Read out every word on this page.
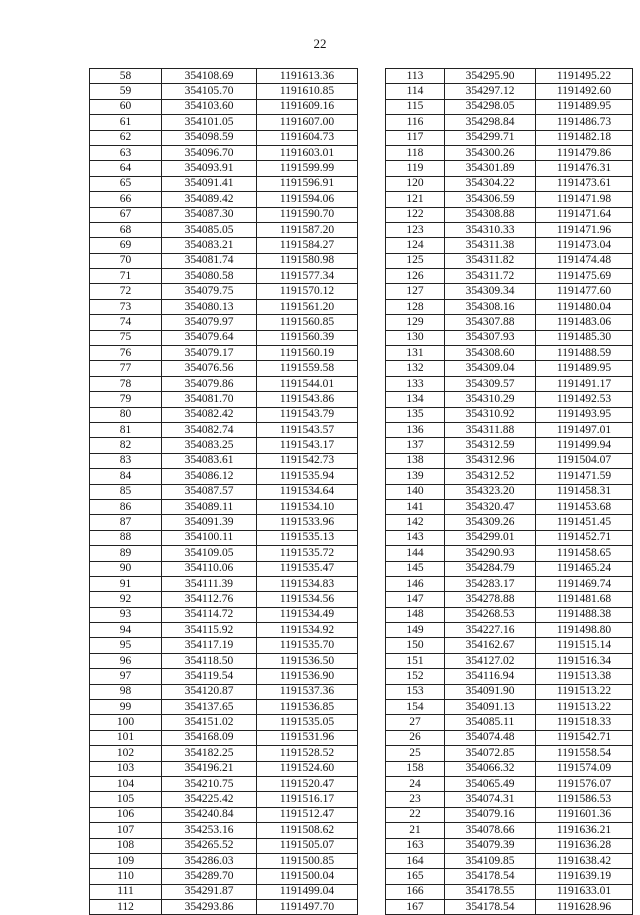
22
58	354108.69	1191613.36
59	354105.70	1191610.85
60	354103.60	1191609.16
61	354101.05	1191607.00
62	354098.59	1191604.73
63	354096.70	1191603.01
64	354093.91	1191599.99
65	354091.41	1191596.91
66	354089.42	1191594.06
67	354087.30	1191590.70
68	354085.05	1191587.20
69	354083.21	1191584.27
70	354081.74	1191580.98
71	354080.58	1191577.34
72	354079.75	1191570.12
73	354080.13	1191561.20
74	354079.97	1191560.85
75	354079.64	1191560.39
76	354079.17	1191560.19
77	354076.56	1191559.58
78	354079.86	1191544.01
79	354081.70	1191543.86
80	354082.42	1191543.79
81	354082.74	1191543.57
82	354083.25	1191543.17
83	354083.61	1191542.73
84	354086.12	1191535.94
85	354087.57	1191534.64
86	354089.11	1191534.10
87	354091.39	1191533.96
88	354100.11	1191535.13
89	354109.05	1191535.72
90	354110.06	1191535.47
91	354111.39	1191534.83
92	354112.76	1191534.56
93	354114.72	1191534.49
94	354115.92	1191534.92
95	354117.19	1191535.70
96	354118.50	1191536.50
97	354119.54	1191536.90
98	354120.87	1191537.36
99	354137.65	1191536.85
100	354151.02	1191535.05
101	354168.09	1191531.96
102	354182.25	1191528.52
103	354196.21	1191524.60
104	354210.75	1191520.47
105	354225.42	1191516.17
106	354240.84	1191512.47
107	354253.16	1191508.62
108	354265.52	1191505.07
109	354286.03	1191500.85
110	354289.70	1191500.04
111	354291.87	1191499.04
112	354293.86	1191497.70
113	354295.90	1191495.22
114	354297.12	1191492.60
115	354298.05	1191489.95
116	354298.84	1191486.73
117	354299.71	1191482.18
118	354300.26	1191479.86
119	354301.89	1191476.31
120	354304.22	1191473.61
121	354306.59	1191471.98
122	354308.88	1191471.64
123	354310.33	1191471.96
124	354311.38	1191473.04
125	354311.82	1191474.48
126	354311.72	1191475.69
127	354309.34	1191477.60
128	354308.16	1191480.04
129	354307.88	1191483.06
130	354307.93	1191485.30
131	354308.60	1191488.59
132	354309.04	1191489.95
133	354309.57	1191491.17
134	354310.29	1191492.53
135	354310.92	1191493.95
136	354311.88	1191497.01
137	354312.59	1191499.94
138	354312.96	1191504.07
139	354312.52	1191471.59
140	354323.20	1191458.31
141	354320.47	1191453.68
142	354309.26	1191451.45
143	354299.01	1191452.71
144	354290.93	1191458.65
145	354284.79	1191465.24
146	354283.17	1191469.74
147	354278.88	1191481.68
148	354268.53	1191488.38
149	354227.16	1191498.80
150	354162.67	1191515.14
151	354127.02	1191516.34
152	354116.94	1191513.38
153	354091.90	1191513.22
154	354091.13	1191513.22
27	354085.11	1191518.33
26	354074.48	1191542.71
25	354072.85	1191558.54
158	354066.32	1191574.09
24	354065.49	1191576.07
23	354074.31	1191586.53
22	354079.16	1191601.36
21	354078.66	1191636.21
163	354079.39	1191636.28
164	354109.85	1191638.42
165	354178.54	1191639.19
166	354178.55	1191633.01
167	354178.54	1191628.96
